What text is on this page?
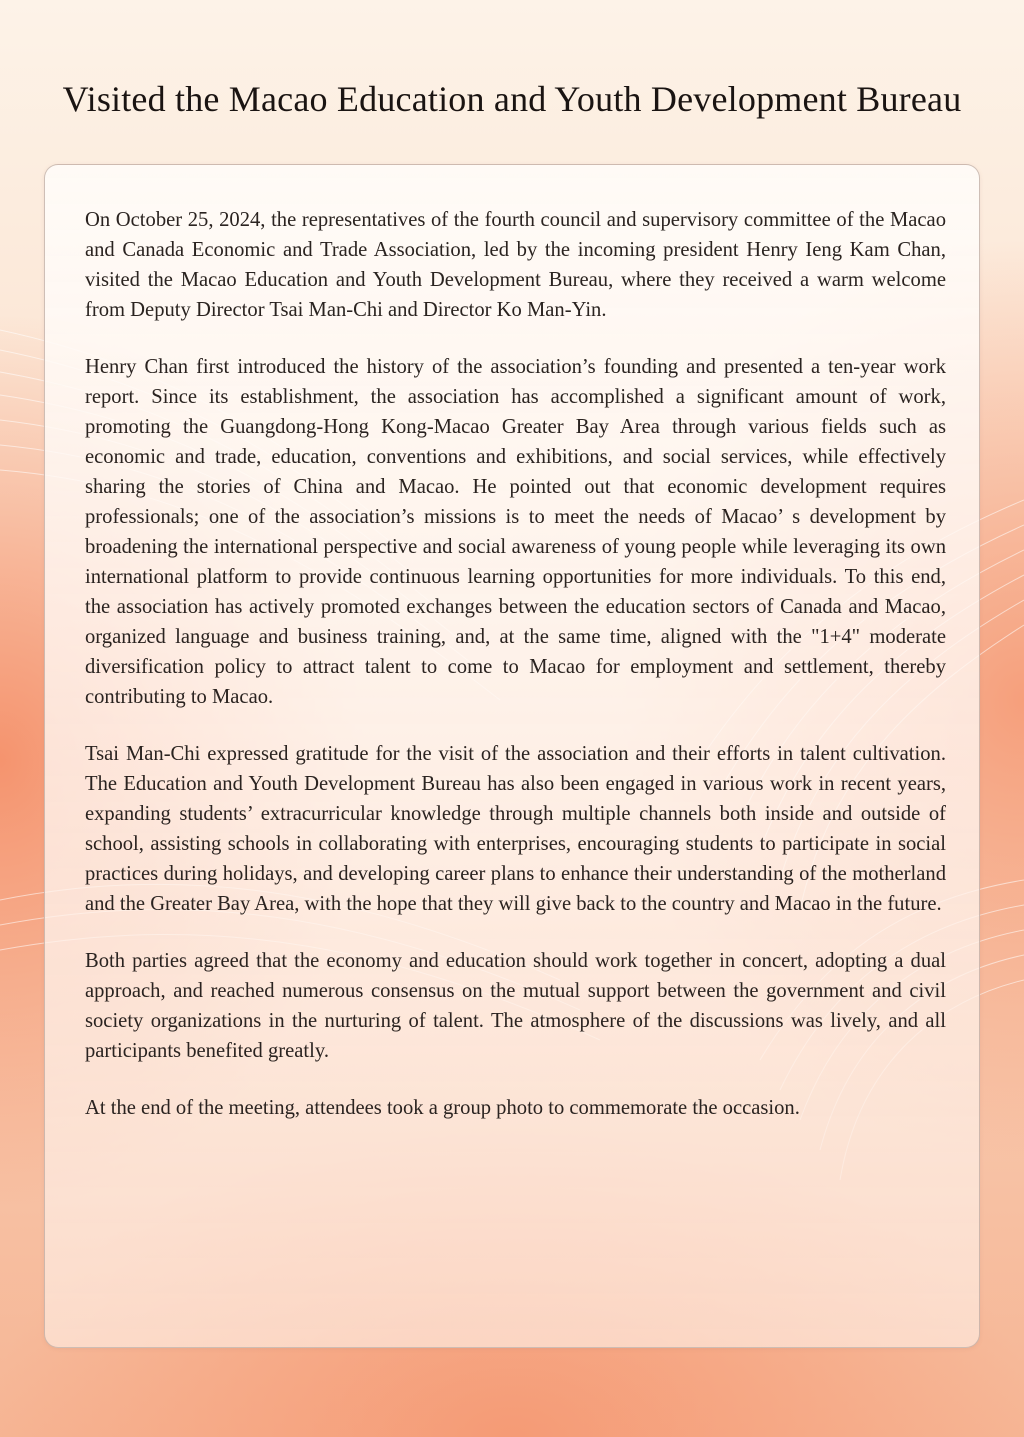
Visited the Macao Education and Youth Development Bureau

On October 25, 2024, the representatives of the fourth council and supervisory committee of the Macao and Canada Economic and Trade Association, led by the incoming president Henry Ieng Kam Chan, visited the Macao Education and Youth Development Bureau, where they received a warm welcome from Deputy Director Tsai Man-Chi and Director Ko Man-Yin.

Henry Chan first introduced the history of the association’s founding and presented a ten-year work report. Since its establishment, the association has accomplished a significant amount of work, promoting the Guangdong-Hong Kong-Macao Greater Bay Area through various fields such as economic and trade, education, conventions and exhibitions, and social services, while effectively sharing the stories of China and Macao. He pointed out that economic development requires professionals; one of the association’s missions is to meet the needs of Macao’ s development by broadening the international perspective and social awareness of young people while leveraging its own international platform to provide continuous learning opportunities for more individuals. To this end, the association has actively promoted exchanges between the education sectors of Canada and Macao, organized language and business training, and, at the same time, aligned with the "1+4" moderate diversification policy to attract talent to come to Macao for employment and settlement, thereby contributing to Macao.

Tsai Man-Chi expressed gratitude for the visit of the association and their efforts in talent cultivation. The Education and Youth Development Bureau has also been engaged in various work in recent years, expanding students’ extracurricular knowledge through multiple channels both inside and outside of school, assisting schools in collaborating with enterprises, encouraging students to participate in social practices during holidays, and developing career plans to enhance their understanding of the motherland and the Greater Bay Area, with the hope that they will give back to the country and Macao in the future.

Both parties agreed that the economy and education should work together in concert, adopting a dual approach, and reached numerous consensus on the mutual support between the government and civil society organizations in the nurturing of talent. The atmosphere of the discussions was lively, and all participants benefited greatly.

At the end of the meeting, attendees took a group photo to commemorate the occasion.
